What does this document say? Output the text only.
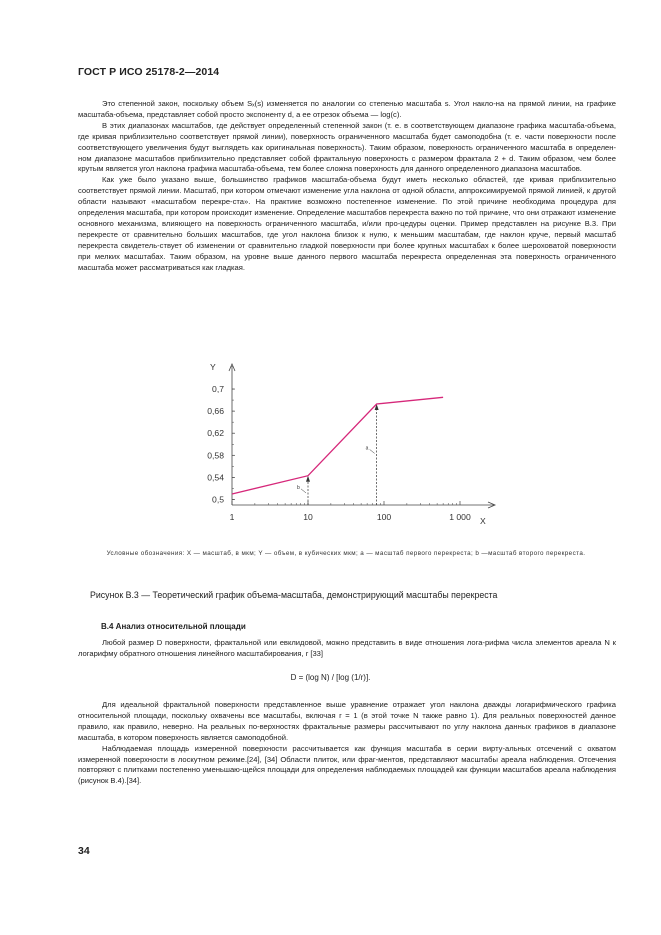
ГОСТ Р ИСО 25178-2—2014

Это степенной закон, поскольку объем Sₓ(s) изменяется по аналогии со степенью масштаба s. Угол накло-на на прямой линии, на графике масштаба-объема, представляет собой просто экспоненту d, а ее отрезок объема — log(c).

В этих диапазонах масштабов, где действует определенный степенной закон (т. е. в соответствующем диапазоне графика масштаба-объема, где кривая приблизительно соответствует прямой линии), поверхность ограниченного масштаба будет самоподобна (т. е. части поверхности после соответствующего увеличения будут выглядеть как оригинальная поверхность). Таким образом, поверхность ограниченного масштаба в определен-ном диапазоне масштабов приблизительно представляет собой фрактальную поверхность с размером фрактала 2 + d. Таким образом, чем более крутым является угол наклона графика масштаба-объема, тем более сложна поверхность для данного определенного диапазона масштабов.

Как уже было указано выше, большинство графиков масштаба-объема будут иметь несколько областей, где кривая приблизительно соответствует прямой линии. Масштаб, при котором отмечают изменение угла наклона от одной области, аппроксимируемой прямой линией, к другой области называют «масштабом перекре-ста». На практике возможно постепенное изменение. По этой причине необходима процедура для определения масштаба, при котором происходит изменение. Определение масштабов перекреста важно по той причине, что они отражают изменение основного механизма, влияющего на поверхность ограниченного масштаба, и/или про-цедуры оценки. Пример представлен на рисунке В.3. При перекресте от сравнительно больших масштабов, где угол наклона близок к нулю, к меньшим масштабам, где наклон круче, первый масштаб перекреста свидетель-ствует об изменении от сравнительно гладкой поверхности при более крупных масштабах к более шероховатой поверхности при мелких масштабах. Таким образом, на уровне выше данного первого масштаба перекреста определенная эта поверхность ограниченного масштаба может рассматриваться как гладкая.

Y
X
0,5
0,54
0,58
0,62
0,66
0,7
1	10	100	1 000
b
a
Условные обозначения: X — масштаб, в мкм; Y — объем, в кубических мкм; a — масштаб первого перекреста; b —масштаб второго перекреста.
Рисунок В.3 — Теоретический график объема-масштаба, демонстрирующий масштабы перекреста
В.4 Анализ относительной площади

Любой размер D поверхности, фрактальной или евклидовой, можно представить в виде отношения лога-рифма числа элементов ареала N к логарифму обратного отношения линейного масштабирования, r [33]

D = (log N) / [log (1/r)].

Для идеальной фрактальной поверхности представленное выше уравнение отражает угол наклона дважды логарифмического графика относительной площади, поскольку охвачены все масштабы, включая r = 1 (в этой точке N также равно 1). Для реальных поверхностей данное правило, как правило, неверно. На реальных по-верхностях фрактальные размеры рассчитывают по углу наклона данных графиков в диапазоне масштаба, в котором поверхность является самоподобной.

Наблюдаемая площадь измеренной поверхности рассчитывается как функция масштаба в серии вирту-альных отсечений с охватом измеренной поверхности в лоскутном режиме.[24], [34] Области плиток, или фраг-ментов, представляют масштабы ареала наблюдения. Отсечения повторяют с плитками постепенно уменьшаю-щейся площади для определения наблюдаемых площадей как функции масштабов ареала наблюдения (рисунок В.4).[34].

34
